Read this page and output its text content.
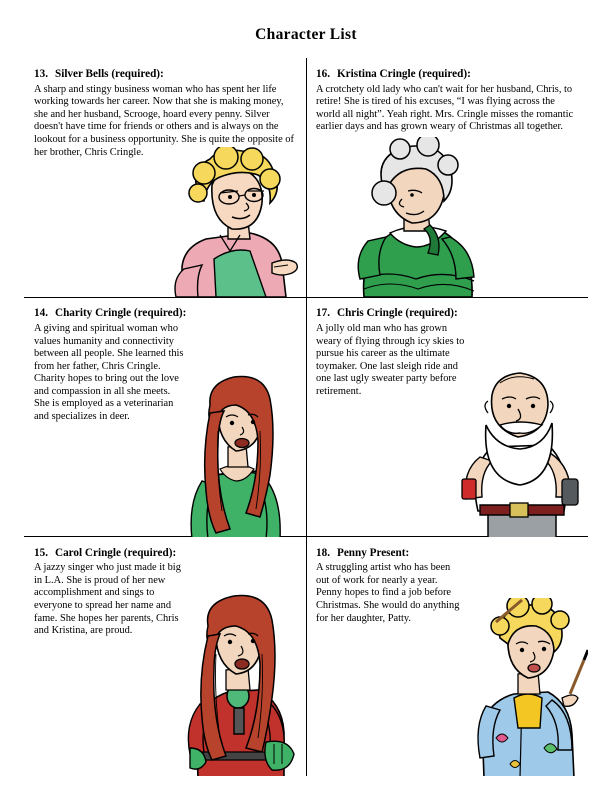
Character List
13. Silver Bells (required):
A sharp and stingy business woman who has spent her life working towards her career. Now that she is making money, she and her husband, Scrooge, hoard every penny. Silver doesn't have time for friends or others and is always on the lookout for a business opportunity. She is quite the opposite of her brother, Chris Cringle.
16. Kristina Cringle (required):
A crotchety old lady who can't wait for her husband, Chris, to retire! She is tired of his excuses, “I was flying across the world all night”. Yeah right. Mrs. Cringle misses the romantic earlier days and has grown weary of Christmas all together.
14. Charity Cringle (required):
A giving and spiritual woman who values humanity and connectivity between all people. She learned this from her father, Chris Cringle. Charity hopes to bring out the love and compassion in all she meets. She is employed as a veterinarian and specializes in deer.
17. Chris Cringle (required):
A jolly old man who has grown weary of flying through icy skies to pursue his career as the ultimate toymaker. One last sleigh ride and one last ugly sweater party before retirement.
15. Carol Cringle (required):
A jazzy singer who just made it big in L.A. She is proud of her new accomplishment and sings to everyone to spread her name and fame. She hopes her parents, Chris and Kristina, are proud.
18. Penny Present:
A struggling artist who has been out of work for nearly a year. Penny hopes to find a job before Christmas. She would do anything for her daughter, Patty.
